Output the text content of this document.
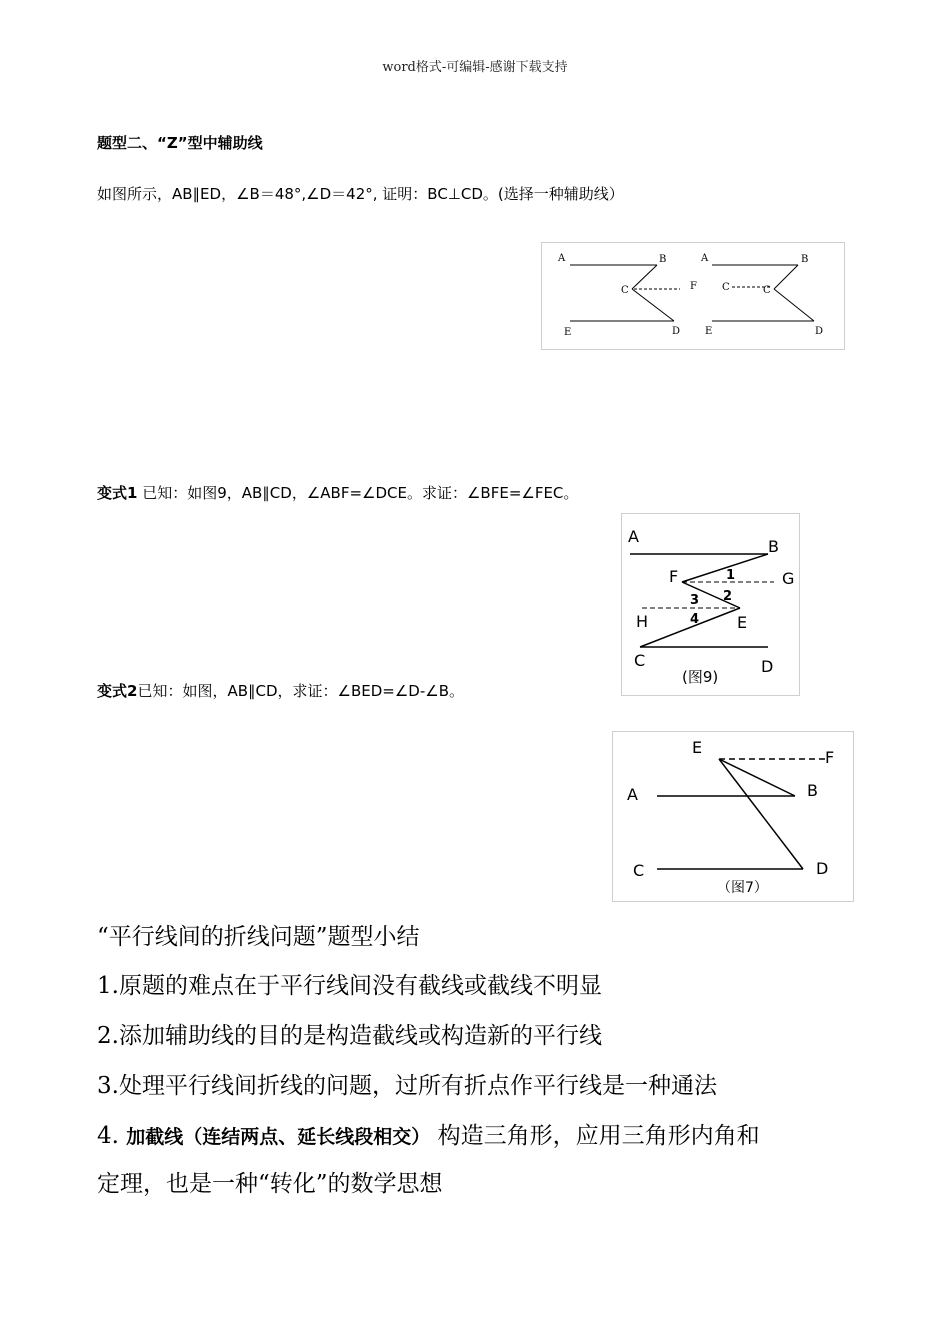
word格式-可编辑-感谢下载支持
题型二、“Z”型中辅助线
如图所示，AB∥ED，∠B＝48°,∠D＝42°, 证明：BC⊥CD。(选择一种辅助线）
A	B
C	F
E	D
A	B
C	C
E	D
变式1 已知：如图9，AB∥CD，∠ABF=∠DCE。求证：∠BFE=∠FEC。
A
B
F	G
H	E
C	D
1
2
3
4
(图9)
变式2已知：如图，AB∥CD，求证：∠BED=∠D-∠B。
E
F
A	B
C	D
（图7）
“平行线间的折线问题”题型小结
1.原题的难点在于平行线间没有截线或截线不明显
2.添加辅助线的目的是构造截线或构造新的平行线
3.处理平行线间折线的问题，过所有折点作平行线是一种通法
4. 加截线（连结两点、延长线段相交） 构造三角形，应用三角形内角和
定理，也是一种“转化”的数学思想
